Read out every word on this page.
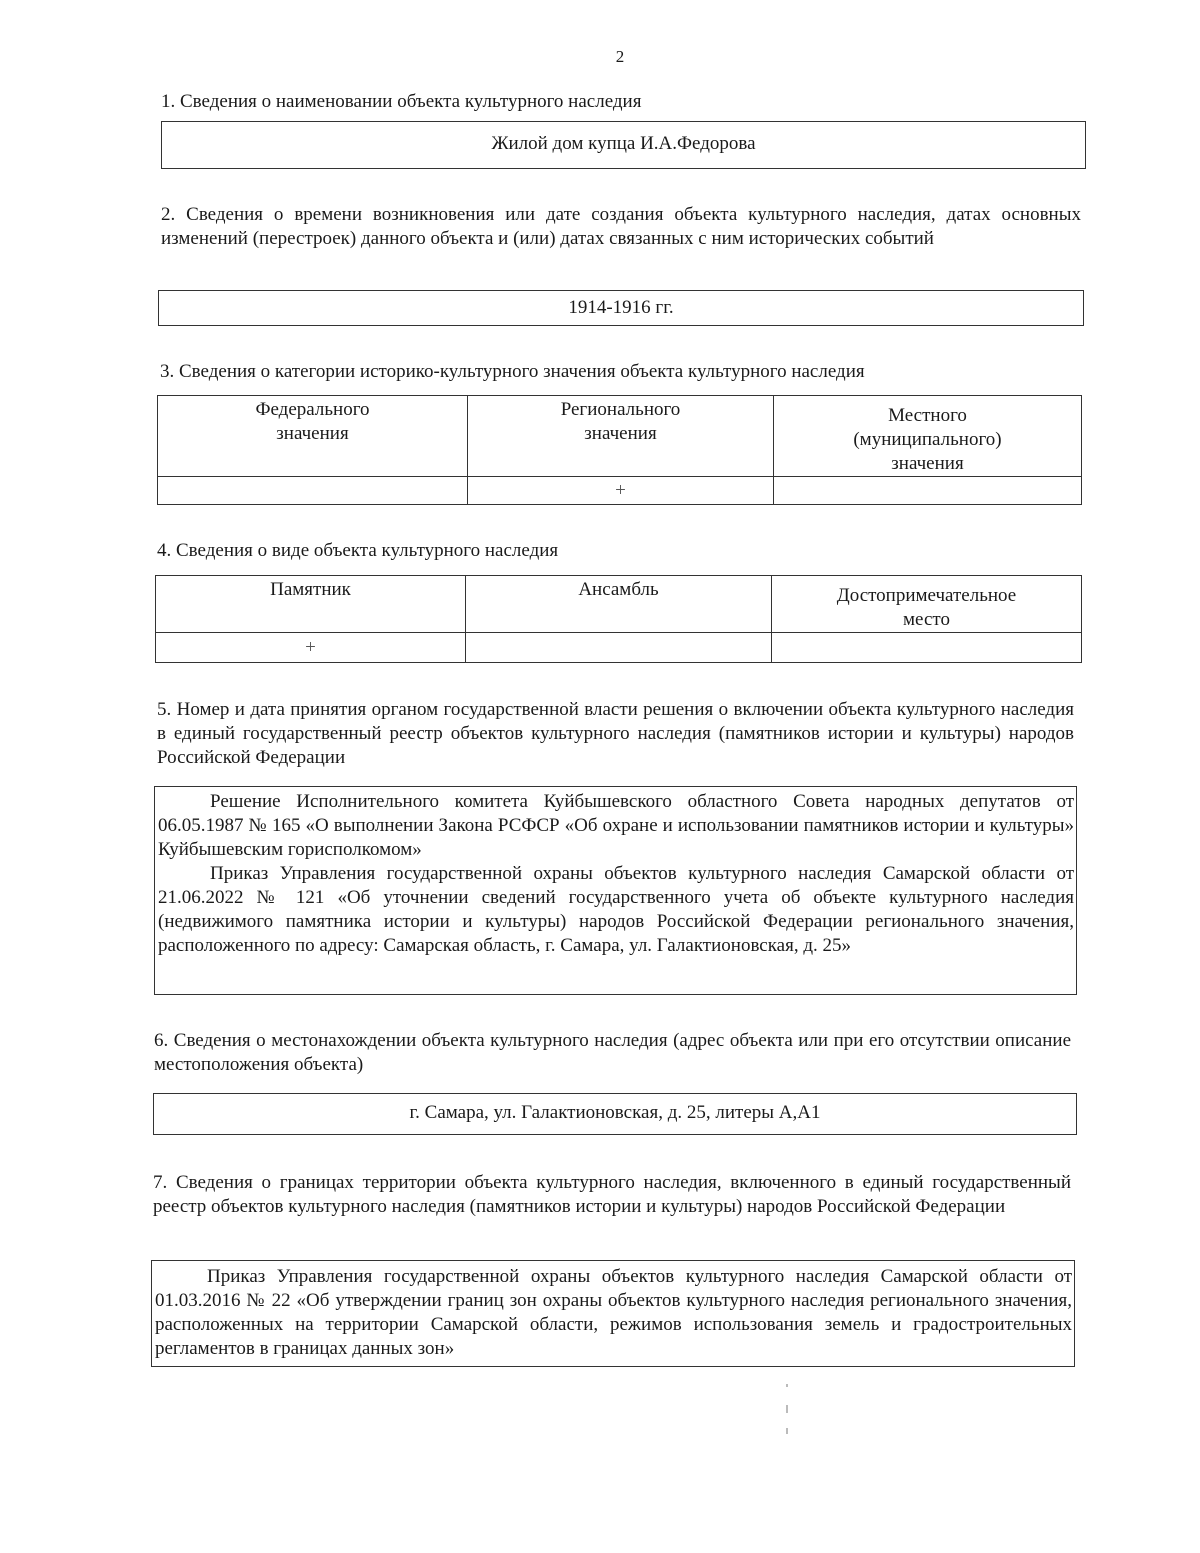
2
1. Сведения о наименовании объекта культурного наследия
Жилой дом купца И.А.Федорова
2. Сведения о времени возникновения или дате создания объекта культурного наследия, датах основных изменений (перестроек) данного объекта и (или) датах связанных с ним исторических событий
1914-1916 гг.
3. Сведения о категории историко-культурного значения объекта культурного наследия
Федерального значения	Регионального значения	Местного (муниципального) значения

	+	
4. Сведения о виде объекта культурного наследия
Памятник	Ансамбль	Достопримечательное место

+		
5. Номер и дата принятия органом государственной власти решения о включении объекта культурного наследия в единый государственный реестр объектов культурного наследия (памятников истории и культуры) народов Российской Федерации

Решение Исполнительного комитета Куйбышевского областного Совета народных депутатов от 06.05.1987 № 165 «О выполнении Закона РСФСР «Об охране и использовании памятников истории и культуры» Куйбышевским горисполкомом»

Приказ Управления государственной охраны объектов культурного наследия Самарской области от 21.06.2022 № 121 «Об уточнении сведений государственного учета об объекте культурного наследия (недвижимого памятника истории и культуры) народов Российской Федерации регионального значения, расположенного по адресу: Самарская область, г. Самара, ул. Галактионовская, д. 25»

6. Сведения о местонахождении объекта культурного наследия (адрес объекта или при его отсутствии описание местоположения объекта)
г. Самара, ул. Галактионовская, д. 25, литеры А,А1
7. Сведения о границах территории объекта культурного наследия, включенного в единый государственный реестр объектов культурного наследия (памятников истории и культуры) народов Российской Федерации

Приказ Управления государственной охраны объектов культурного наследия Самарской области от 01.03.2016 № 22 «Об утверждении границ зон охраны объектов культурного наследия регионального значения, расположенных на территории Самарской области, режимов использования земель и градостроительных регламентов в границах данных зон»
